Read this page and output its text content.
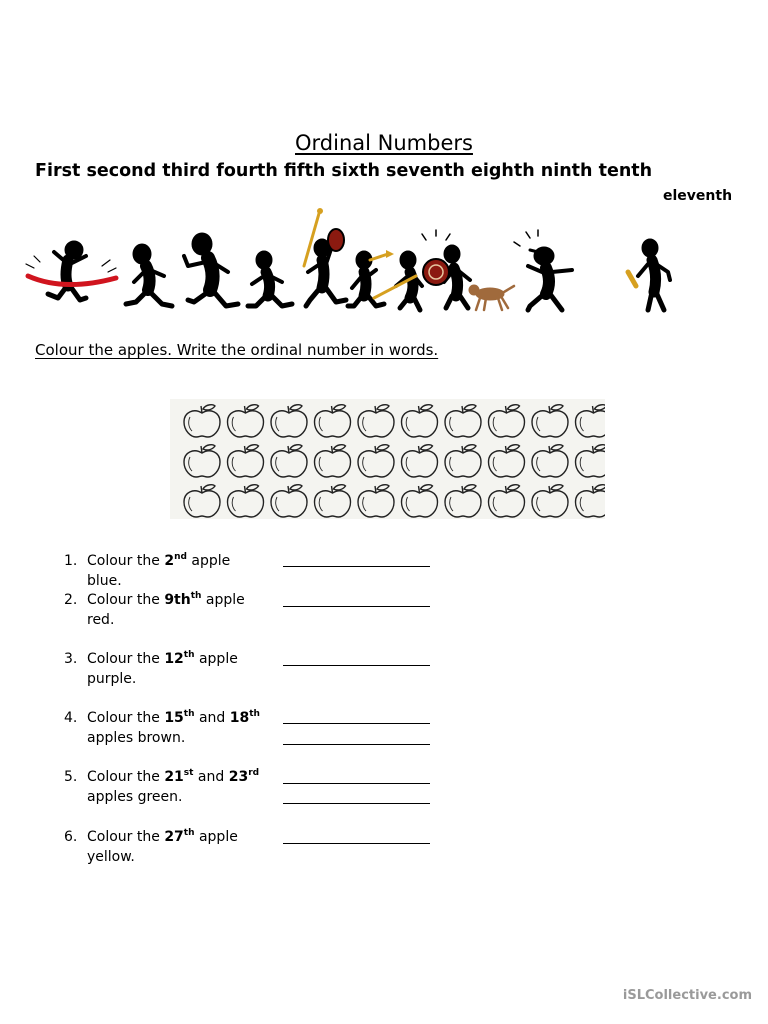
Ordinal Numbers
First second third fourth fifth sixth seventh eighth ninth tenth
eleventh
Colour the apples. Write the ordinal number in words.
1. Colour the 2nd apple blue.
2. Colour the $9th^{th}$ apple
red.
3. Colour the 12th apple
purple.
4. Colour the 15th and 18th
apples brown.
5. Colour the 21st and 23rd
apples green.
6. Colour the 27th apple
yellow.
iSLCollective.com
